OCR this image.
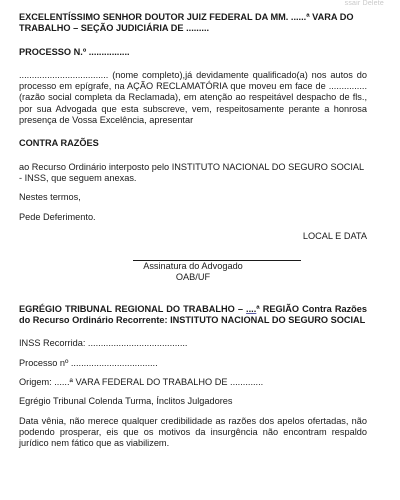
ssair Delete

EXCELENTÍSSIMO SENHOR DOUTOR JUIZ FEDERAL DA MM. ......ª VARA DO

TRABALHO – SEÇÃO JUDICIÁRIA DE .........

PROCESSO N.º ................

................................... (nome completo),já devidamente qualificado(a) nos autos do processo em epígrafe, na AÇÃO RECLAMATÓRIA que moveu em face de ...............(razão social completa da Reclamada), em atenção ao respeitável despacho de fls., por sua Advogada que esta subscreve, vem, respeitosamente perante a honrosa presença de Vossa Excelência, apresentar

CONTRA RAZÕES

ao Recurso Ordinário interposto pelo INSTITUTO NACIONAL DO SEGURO SOCIAL - INSS, que seguem anexas.

Nestes termos,

Pede Deferimento.

LOCAL E DATA

Assinatura do Advogado

OAB/UF

EGRÉGIO TRIBUNAL REGIONAL DO TRABALHO – ....ª REGIÃO Contra Razões do Recurso Ordinário Recorrente: INSTITUTO NACIONAL DO SEGURO SOCIAL

INSS Recorrida: .......................................

Processo nº ..................................

Origem: ......ª VARA FEDERAL DO TRABALHO DE .............

Egrégio Tribunal Colenda Turma, Ínclitos Julgadores

Data vênia, não merece qualquer credibilidade as razões dos apelos ofertadas, não podendo prosperar, eis que os motivos da insurgência não encontram respaldo jurídico nem fático que as viabilizem.
